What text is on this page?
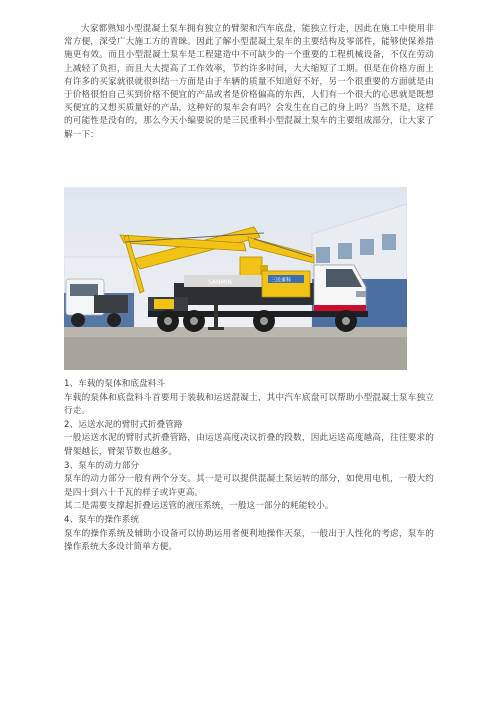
大家都熟知小型混凝土泵车拥有独立的臂架和汽车底盘，能独立行走，因此在施工中使用非常方便，深受广大施工方的青睐。因此了解小型混凝土泵车的主要结构及零部件，能够使保养措施更有效。而且小型混凝土泵车是工程建造中不可缺少的一个重要的工程机械设备，不仅在劳动上减轻了负担，而且大大提高了工作效率，节约许多时间，大大缩短了工期。但是在价格方面上有许多的买家就很就很纠结一方面是由于车辆的质量不知道好不好，另一个很重要的方面就是由于价格很怕自己买到价格不便宜的产品或者是价格偏高的东西，人们有一个很大的心思就是既想买便宜的又想买质量好的产品，这种好的泵车会有吗？会发生在自己的身上吗？当然不是，这样的可能性是没有的，那么今天小编要说的是三民重科小型混凝土泵车的主要组成部分，让大家了解一下：

SANMIN	三民重科

1、车载的泵体和底盘料斗

车载的泵体和底盘料斗首要用于装载和运送混凝土，其中汽车底盘可以帮助小型混凝土泵车独立行走。

2、运送水泥的臂肘式折叠管路

一般运送水泥的臂肘式折叠管路，由运送高度决议折叠的段数，因此运送高度越高，往往要求的臂架越长，臂架节数也越多。

3、泵车的动力部分

泵车的动力部分一般有两个分支。其一是可以提供混凝土泵运转的部分，如使用电机，一般大约是四十到六十千瓦的样子或许更高。

其二是需要支撑起折叠运送管的液压系统，一般这一部分的耗能较小。

4、泵车的操作系统

泵车的操作系统及辅助小设备可以协助运用者便利地操作天泵，一般出于人性化的考虑，泵车的操作系统大多设计简单方便。
